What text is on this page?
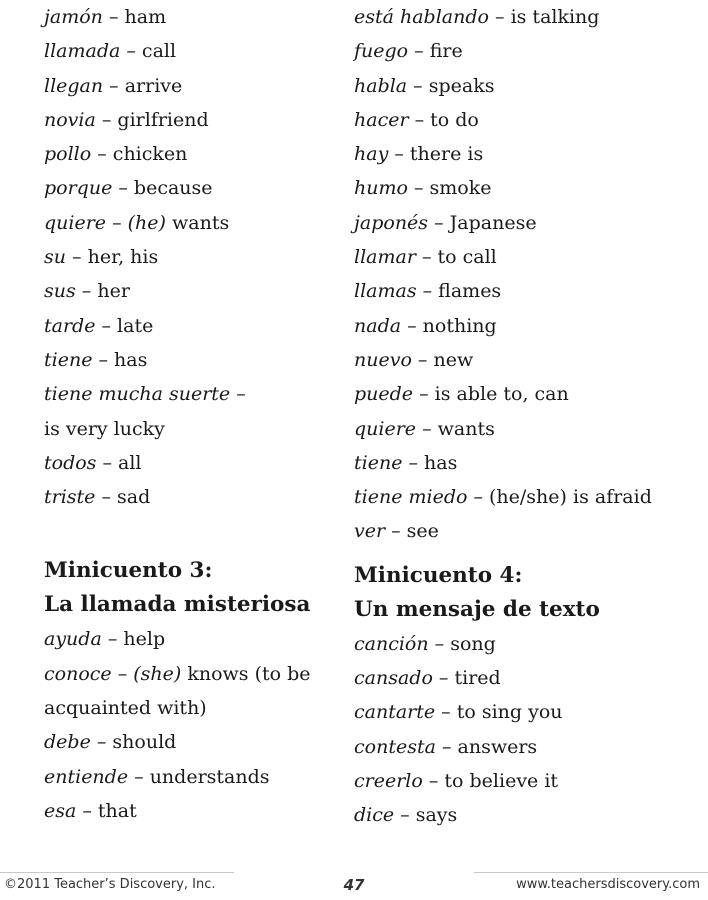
jamón – ham
llamada – call
llegan – arrive
novia – girlfriend
pollo – chicken
porque – because
quiere – (he) wants
su – her, his
sus – her
tarde – late
tiene – has
tiene mucha suerte –
is very lucky
todos – all
triste – sad
Minicuento 3:
La llamada misteriosa
ayuda – help
conoce – (she) knows (to be
acquainted with)
debe – should
entiende – understands
esa – that
está hablando – is talking
fuego – fire
habla – speaks
hacer – to do
hay – there is
humo – smoke
japonés – Japanese
llamar – to call
llamas – flames
nada – nothing
nuevo – new
puede – is able to, can
quiere – wants
tiene – has
tiene miedo – (he/she) is afraid
ver – see
Minicuento 4:
Un mensaje de texto
canción – song
cansado – tired
cantarte – to sing you
contesta – answers
creerlo – to believe it
dice – says
©2011 Teacher’s Discovery, Inc.	47	www.teachersdiscovery.com
